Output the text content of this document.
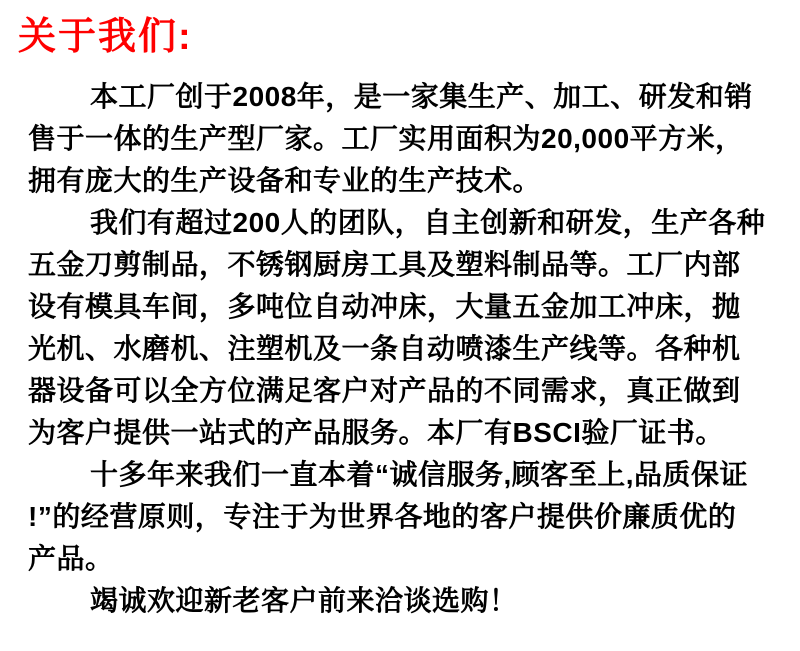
关于我们:
本工厂创于2008年，是一家集生产、加工、研发和销
售于一体的生产型厂家。工厂实用面积为20,000平方米，
拥有庞大的生产设备和专业的生产技术。
我们有超过200人的团队，自主创新和研发，生产各种
五金刀剪制品，不锈钢厨房工具及塑料制品等。工厂内部
设有模具车间，多吨位自动冲床，大量五金加工冲床，抛
光机、水磨机、注塑机及一条自动喷漆生产线等。各种机
器设备可以全方位满足客户对产品的不同需求，真正做到
为客户提供一站式的产品服务。本厂有BSCI验厂证书。
十多年来我们一直本着“诚信服务,顾客至上,品质保证
!”的经营原则，专注于为世界各地的客户提供价廉质优的
产品。
竭诚欢迎新老客户前来洽谈选购！
